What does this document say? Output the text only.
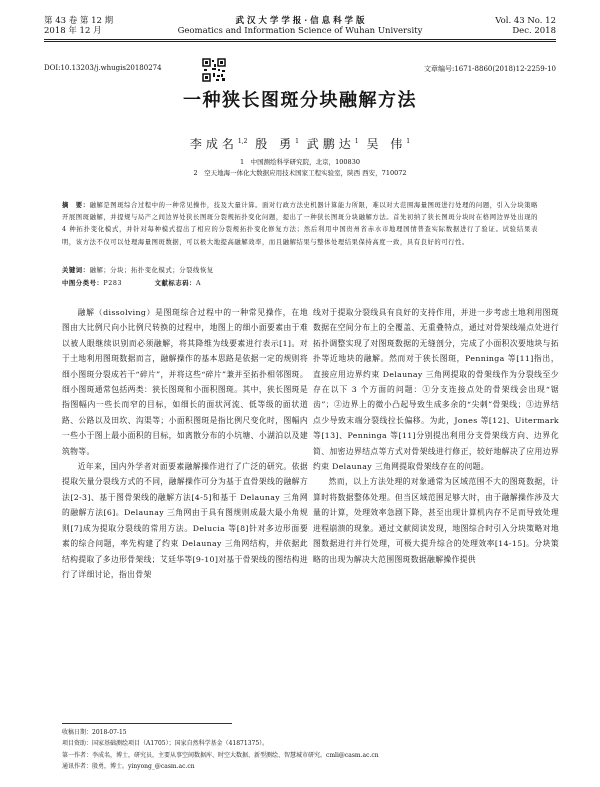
第 43 卷 第 12 期
2018 年 12 月
武 汉 大 学 学 报 · 信 息 科 学 版
Geomatics and Information Science of Wuhan University
Vol. 43 No. 12
Dec. 2018
DOI:10.13203/j.whugis20180274	文章编号:1671-8860(2018)12-2259-10
一种狭长图斑分块融解方法
李成名$^{1,2}$ 殷 勇$^1$ 武鹏达$^1$ 吴 伟$^1$
1　中国测绘科学研究院，北京，100830
2　空天地海一体化大数据应用技术国家工程实验室，陕西 西安，710072
摘　要：融解是图斑综合过程中的一种常见操作，技及大量计算。面对行政方法史机器计算能力所限，难以对大范围海量图斑进行处理的问题，引入分块策略开展图斑融解，并提规与局产之间边界处狭长图斑分裂规拓扑变化问题，提出了一种狭长图斑分块融解方法。首先初纳了狭长图斑分块时在格网边界处出现的 4 种拓扑变化模式，并针对每种模式提出了相应的分裂规拓扑变化修复方法；然后利用中国贵州省赤水市地理国情普查实际数据进行了验证。试验结果表明，该方法不仅可以处理海量图斑数据，可以极大地提高融解效率，而且融解结果与整体处理结果保持高度一致，具有良好的可行性。
关键词：融解；分块；拓扑变化模式；分裂线恢复
中图分类号：P283	文献标志码：A

融解（dissolving）是图斑综合过程中的一种常见操作，在地图由大比例尺向小比例尺转换的过程中，地图上的细小面要素由于难以被人眼继续识别而必须融解，将其降维为线要素进行表示[1]。对于土地利用图斑数据而言，融解操作的基本思路是依据一定的规则将细小图斑分裂成若干“碎片”，并将这些“碎片”兼并至拓扑相邻图斑。细小图斑通常包括两类：狭长图斑和小面积图斑。其中，狭长图斑是指图幅内一些长而窄的目标，如细长的面状河流、低等级的面状道路、公路以及田坎、沟渠等；小面积图斑是指比例尺变化时，图幅内一些小于图上最小面积的目标，如离散分布的小坑塘、小湖泊以及建筑物等。

近年来，国内外学者对面要素融解操作进行了广泛的研究。依据提取矢量分裂线方式的不同，融解操作可分为基于直骨架线的融解方法[2-3]、基于图骨架线的融解方法[4-5]和基于 Delaunay 三角网的融解方法[6]。Delaunay 三角网由于具有图规则成最大最小角规则[7]成为提取分裂线的常用方法。Delucia 等[8]针对多边形面要素的综合问题，率先构建了约束 Delaunay 三角网结构，并依据此结构提取了多边形骨架线；艾廷华等[9-10]对基于骨架线的图结构进行了详细讨论，指出骨架

线对于提取分裂线具有良好的支持作用，并进一步考虑土地利用图斑数据在空间分布上的全覆盖、无重叠特点，通过对骨架线端点处进行拓扑调整实现了对图斑数据的无缝剖分，完成了小面积次要地块与拓扑等近地块的融解。然而对于狭长图斑，Penninga 等[11]指出，直接应用边界约束 Delaunay 三角网提取的骨架线作为分裂线至少存在以下 3 个方面的问题：①分支连接点处的骨架线会出现“锯齿”；②边界上的微小凸起导致生成多余的“尖刺”骨架线；③边界结点少导致末端分裂线拉长偏移。为此，Jones 等[12]、Uitermark 等[13]、Penninga 等[11]分别提出利用分支骨架线方向、边界化简、加密边界结点等方式对骨架线进行修正，较好地解决了应用边界约束 Delaunay 三角网提取骨架线存在的问题。

然而，以上方法处理的对象通常为区域范围不大的图斑数据，计算时将数据整体处理。但当区域范围足够大时，由于融解操作涉及大量的计算，处理效率急剧下降，甚至出现计算机内存不足而导致处理进程崩溃的现象。通过文献阅读发现，地图综合时引入分块策略对地图数据进行并行处理，可极大提升综合的处理效率[14-15]。分块策略的出现为解决大范围图斑数据融解操作提供

收稿日期：2018-07-15
项目资助：国家基础测绘项目（A1705）；国家自然科学基金（41871375）。
第一作者：李成名，博士，研究员，主要从事空间数据库、时空大数据、新型测绘、智慧城市研究。cmli@casm.ac.cn
通讯作者：殷勇，博士。yinyong_@casm.ac.cn
